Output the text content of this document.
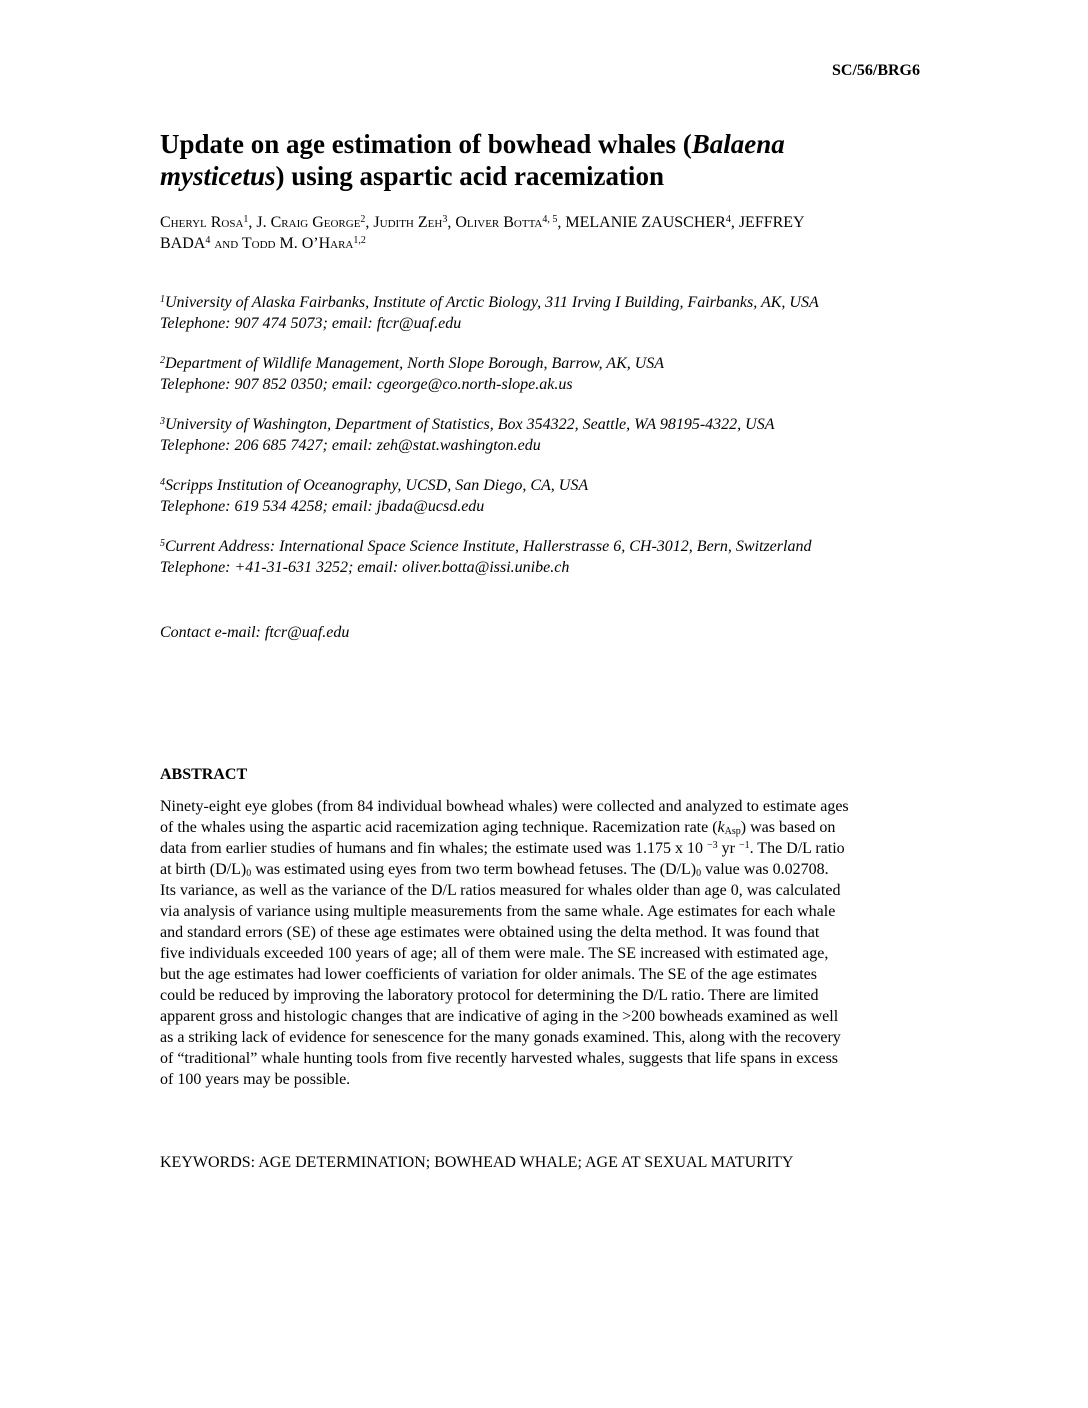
SC/56/BRG6
Update on age estimation of bowhead whales (Balaena
mysticetus) using aspartic acid racemization
Cheryl Rosa$^1$, J. Craig George$^2$, Judith Zeh$^3$, Oliver Botta$^{4, 5}$, MELANIE ZAUSCHER$^4$, JEFFREY
BADA$^4$ and Todd M. O’Hara$^{1,2}$
$^1$University of Alaska Fairbanks, Institute of Arctic Biology, 311 Irving I Building, Fairbanks, AK, USA
Telephone: 907 474 5073; email: ftcr@uaf.edu
$^2$Department of Wildlife Management, North Slope Borough, Barrow, AK, USA
Telephone: 907 852 0350; email: cgeorge@co.north-slope.ak.us
$^3$University of Washington, Department of Statistics, Box 354322, Seattle, WA 98195-4322, USA
Telephone: 206 685 7427; email: zeh@stat.washington.edu
$^4$Scripps Institution of Oceanography, UCSD, San Diego, CA, USA
Telephone: 619 534 4258; email: jbada@ucsd.edu
$^5$Current Address: International Space Science Institute, Hallerstrasse 6, CH-3012, Bern, Switzerland
Telephone: +41-31-631 3252; email: oliver.botta@issi.unibe.ch
Contact e-mail: ftcr@uaf.edu
ABSTRACT
Ninety-eight eye globes (from 84 individual bowhead whales) were collected and analyzed to estimate ages
of the whales using the aspartic acid racemization aging technique. Racemization rate $(k_{Asp})$ was based on
data from earlier studies of humans and fin whales; the estimate used was 1.175 x 10 $^{-3}$ yr $^{-1}$. The D/L ratio
at birth $(D/L)_0$ was estimated using eyes from two term bowhead fetuses. The $(D/L)_0$ value was 0.02708.
Its variance, as well as the variance of the D/L ratios measured for whales older than age 0, was calculated
via analysis of variance using multiple measurements from the same whale. Age estimates for each whale
and standard errors (SE) of these age estimates were obtained using the delta method. It was found that
five individuals exceeded 100 years of age; all of them were male. The SE increased with estimated age,
but the age estimates had lower coefficients of variation for older animals. The SE of the age estimates
could be reduced by improving the laboratory protocol for determining the D/L ratio. There are limited
apparent gross and histologic changes that are indicative of aging in the >200 bowheads examined as well
as a striking lack of evidence for senescence for the many gonads examined. This, along with the recovery
of “traditional” whale hunting tools from five recently harvested whales, suggests that life spans in excess
of 100 years may be possible.
KEYWORDS: AGE DETERMINATION; BOWHEAD WHALE; AGE AT SEXUAL MATURITY
